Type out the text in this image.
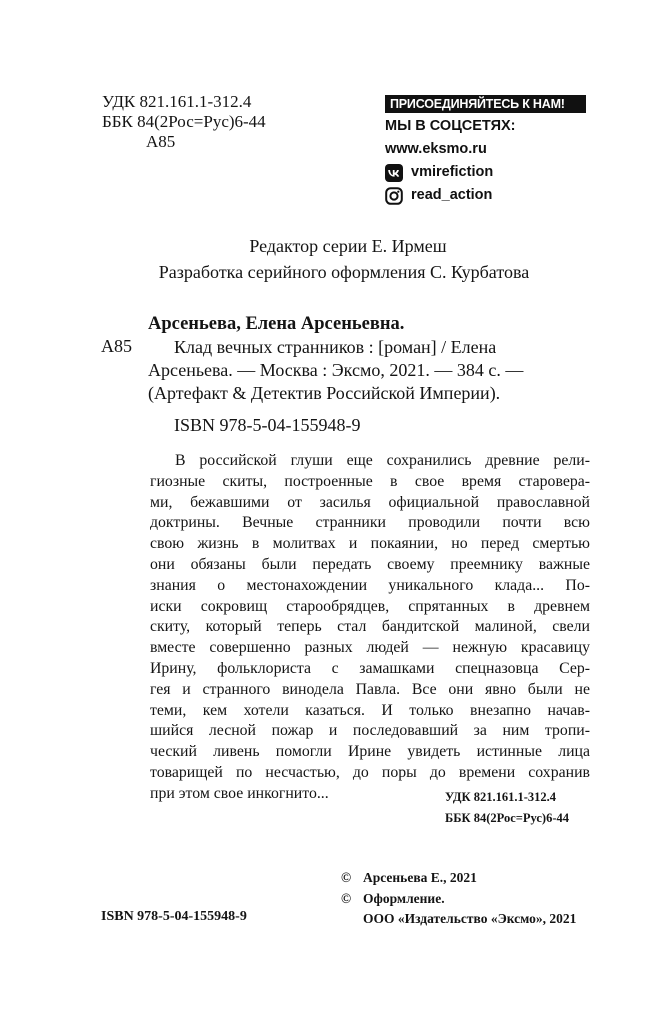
УДК 821.161.1-312.4
ББК 84(2Рос=Рус)6-44
А85
ПРИСОЕДИНЯЙТЕСЬ К НАМ!
МЫ В СОЦСЕТЯХ:
www.eksmo.ru
vmirefiction
read_action
Редактор серии Е. Ирмеш
Разработка серийного оформления С. Курбатова
Арсеньева, Елена Арсеньевна.
А85	Клад вечных странников : [роман] / Елена
Арсеньева. — Москва : Эксмо, 2021. — 384 с. —
(Артефакт & Детектив Российской Империи).
ISBN 978-5-04-155948-9
В российской глуши еще сохранились древние рели-
гиозные скиты, построенные в свое время староверa-
ми, бежавшими от засилья официальной православной
доктрины. Вечные странники проводили почти всю
свою жизнь в молитвах и покаянии, но перед смертью
они обязаны были передать своему преемнику важные
знания о местонахождении уникального клада... По-
иски сокровищ старообрядцев, спрятанных в древнем
скиту, который теперь стал бандитской малиной, свели
вместе совершенно разных людей — нежную красавицу
Ирину, фольклориста с замашками спецназовца Сер-
гея и странного винодела Павла. Все они явно были не
теми, кем хотели казаться. И только внезапно начав-
шийся лесной пожар и последовавший за ним тропи-
ческий ливень помогли Ирине увидеть истинные лица
товарищей по несчастью, до поры до времени сохранив
при этом свое инкогнито...	УДК 821.161.1-312.4
ББК 84(2Рос=Рус)6-44
ISBN 978-5-04-155948-9
© Арсеньева Е., 2021
© Оформление.
ООО «Издательство «Эксмо», 2021
